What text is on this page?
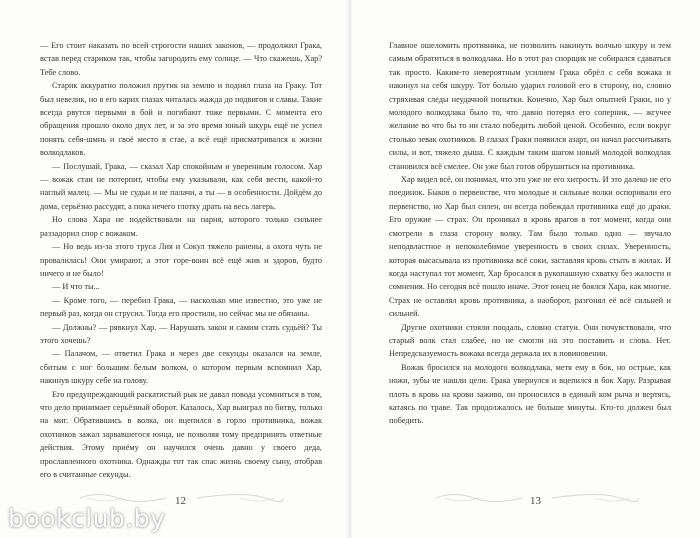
— Его стоит наказать по всей строгости наших законов, — продолжил Грака, встав перед стариком так, чтобы загородить ему солнце. — Что скажешь, Хар? Тебе слово.

Старик аккуратно положил прутик на землю и поднял глаза на Граку. Тот был невелик, но в его карих глазах читалась жажда до подвигов и славы. Такие всегда рвутся первыми в бой и погибают тоже первыми. С момента его обращения прошло около двух лет, и за это время юный шкурь ещё не успел понять себя-шмнь и своё место в стае, а всё ещё присматривался к жизни волкодлаков.

— Послушай, Грака, — сказал Хар спокойным и уверенным голосом. Хар — вожак стаи не потерпит, чтобы ему указывали, как себя вести, какой-то наглый малец. — Мы не судьи и не палачи, а ты — в особенности. Дойдём до дома, серьёзно рассудят, а пока нечего глотку драть на весь лагерь.

Но слова Хара не подействовали на парня, которого только сильнее раззадорил спор с вожаком.

— Но ведь из-за этого труса Лия и Сокул тяжело ранены, а охота чуть не провалилась! Они умирают, а этот горе-воин всё ещё жив и здоров, будто ничего и не было!

— И что ты...

— Кроме того, — перебил Грака, — насколько мне известно, это уже не первый раз, когда он струсил. Тогда его простили, но сейчас мы не обязаны.

— Должны? — рявкнул Хар. — Нарушать закон и самим стать судьёй? Ты этого хочешь?

— Палачом, — ответил Грака и через две секунды оказался на земле, сбитым с ног большим белым волком, о котором первым вспомнил Хар, накинув шкуру себе на голову.

Его предупреждающий раскатистый рык не давал повода усомниться в том, что дело принимает серьёзный оборот. Казалось, Хар выиграл по битву, только на миг. Обратившись в волка, он вцепился в горло противника, вожак охотников зажал зарвавшегося юнца, не позволяя тому предпринять ответные действия. Этому приёму он научился очень давно у своего деда, прославленного охотника. Однажды тот так спас жизнь своему сыну, отобрав его в считанные секунды.

12

Главное ошеломить противника, не позволить накинуть волчью шкуру и тем самым обратиться в волкодлака. Но в этот раз спорщик не собирался сдаваться так просто. Каким-то невероятным усилием Грака обрёл с себя вожака и накинул на себя шкуру. Тот больно ударил головой его в сторону, но, словно стряхивая следы неудачной попытки. Конечно, Хар был опытней Граки, но у молодого волкодлака было то, что давно потерял его соперник, — жгучее желание во что бы то ни стало победить любой ценой. Особенно, если вокруг столько зевак охотников. В глазах Граки появился азарт, он начал рассчитывать силы, и вот, тяжело дыша. С каждым таким шагом новый молодой волкодлак становился всё смелее. Он уже был готов обрушиться на противника.

Хар видел всё, он понимал, что это уже не его хитрость. И это далеко не его поединок. Быков о первенстве, что молодые и сильные волки оспоривали его первенство, но Хар был силен, он всегда побеждал противника ещё до драки. Его оружие — страх. Он проникал в кровь врагов в тот момент, когда они смотрели в глаза сторону волку. Там было только одно — звучало неподвластное и непоколебимое уверенность в своих силах. Уверенность, которая высасывала из противника всё соки, заставляя кровь стыть в жилах. И когда наступал тот момент, Хар бросался в рукопашную схватку без жалости и сомнения. Но сегодня всё пошло иначе. Этот юнец не боялся Хара, как многие. Страх не оставлял кровь противника, а наоборот, разгонял её всё сильней и сильней.

Другие охотники стояли поодаль, словно статуи. Они почувствовали, что старый волк стал слабее, но не смогли на это поставить и слова. Нет. Непредсказуемость вожака всегда держала их в повиновении.

Вожак бросился на молодого волкодлака, метя ему в бок, но острые, как ножи, зубы не нашли цели. Грака увернулся и вцепился в бок Хару. Разрывая плоть в кровь на крови заживо, он проносился в единый ком рыча и вертясь, катаясь по траве. Так продолжалось не больше минуты. Кто-то должен был победить.

13
bookclub.by
